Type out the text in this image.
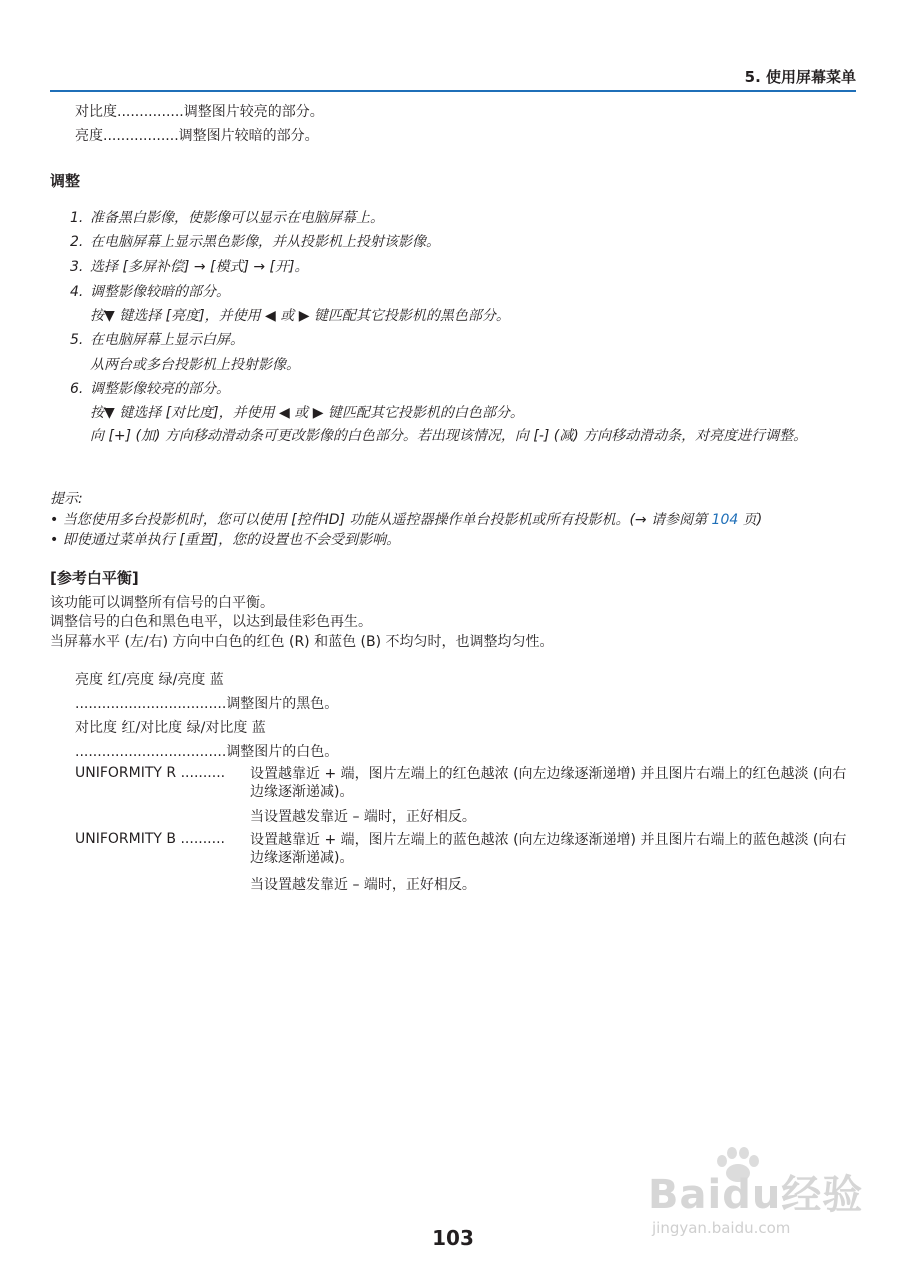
5. 使用屏幕菜单
对比度...............调整图片较亮的部分。
亮度.................调整图片较暗的部分。
调整
1. 准备黑白影像，使影像可以显示在电脑屏幕上。
2. 在电脑屏幕上显示黑色影像，并从投影机上投射该影像。
3. 选择 [多屏补偿] → [模式] → [开]。
4. 调整影像较暗的部分。
按▼ 键选择 [亮度]，并使用 ◀ 或 ▶ 键匹配其它投影机的黑色部分。
5. 在电脑屏幕上显示白屏。
从两台或多台投影机上投射影像。
6. 调整影像较亮的部分。
按▼ 键选择 [对比度]，并使用 ◀ 或 ▶ 键匹配其它投影机的白色部分。
向 [+] (加) 方向移动滑动条可更改影像的白色部分。若出现该情况，向 [-] (减) 方向移动滑动条，对亮度进行调整。
提示:
• 当您使用多台投影机时，您可以使用 [控件ID] 功能从遥控器操作单台投影机或所有投影机。(→ 请参阅第 104 页)
• 即使通过菜单执行 [重置]，您的设置也不会受到影响。
[参考白平衡]
该功能可以调整所有信号的白平衡。
调整信号的白色和黑色电平，以达到最佳彩色再生。
当屏幕水平 (左/右) 方向中白色的红色 (R) 和蓝色 (B) 不均匀时，也调整均匀性。
亮度 红/亮度 绿/亮度 蓝
..................................调整图片的黑色。
对比度 红/对比度 绿/对比度 蓝
..................................调整图片的白色。
UNIFORMITY R .......... 设置越靠近 + 端，图片左端上的红色越浓 (向左边缘逐渐递增) 并且图片右端上的红色越淡 (向右边缘逐渐递减)。
当设置越发靠近 – 端时，正好相反。
UNIFORMITY B .......... 设置越靠近 + 端，图片左端上的蓝色越浓 (向左边缘逐渐递增) 并且图片右端上的蓝色越淡 (向右边缘逐渐递减)。
当设置越发靠近 – 端时，正好相反。
Baidu经验
jingyan.baidu.com
103
